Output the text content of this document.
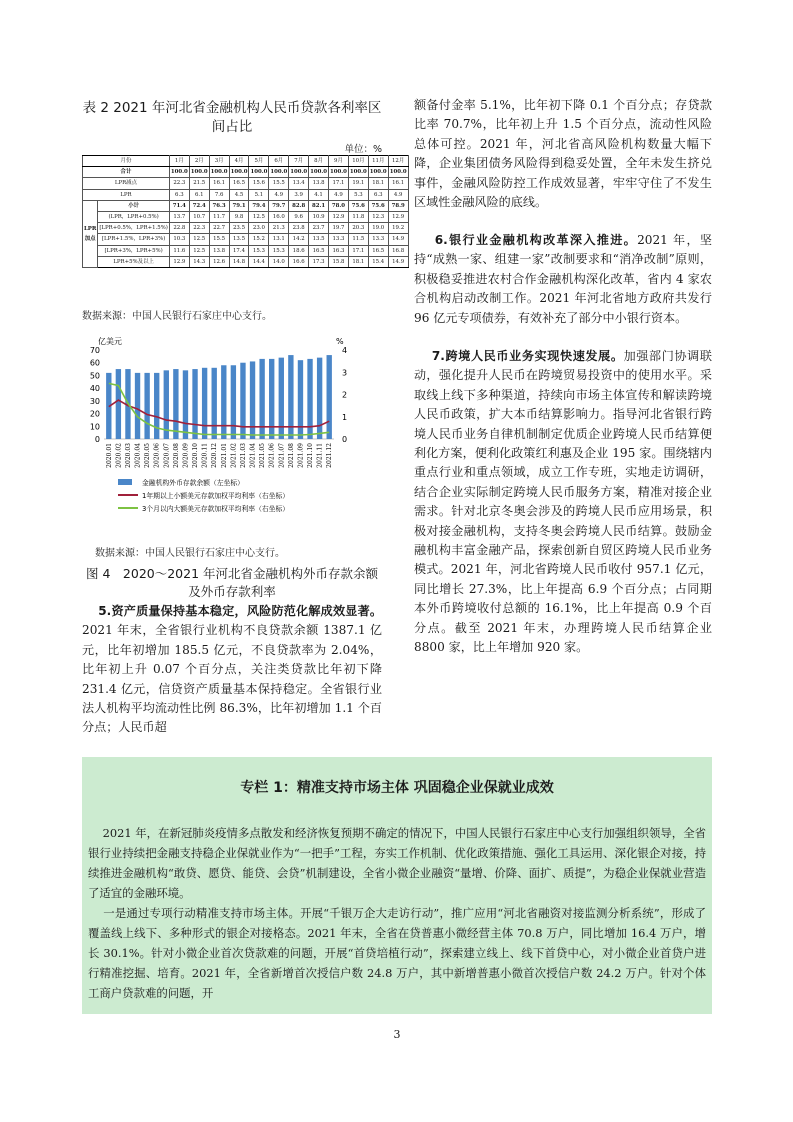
表 2 2021 年河北省金融机构人民币贷款各利率区间占比
单位：%
月份		1月	2月	3月	4月	5月	6月	7月	8月	9月	10月	11月	12月
合计		100.0	100.0	100.0	100.0	100.0	100.0	100.0	100.0	100.0	100.0	100.0	100.0
LPR减点		22.3	21.5	16.1	16.5	15.6	15.5	13.4	13.8	17.1	19.1	18.1	16.1
LPR		6.3	6.1	7.6	4.5	5.1	4.9	3.9	4.1	4.9	5.3	6.3	4.9
LPR加点	小计	71.4	72.4	76.3	79.1	79.4	79.7	82.8	82.1	78.0	75.6	75.6	78.9
	(LPR，LPR+0.5%)	13.7	10.7	11.7	9.8	12.5	16.0	9.6	10.9	12.9	11.8	12.3	12.9
	[LPR+0.5%，LPR+1.5%)	22.8	22.3	22.7	23.5	23.0	21.3	23.8	23.7	19.7	20.3	19.0	19.2
	[LPR+1.5%，LPR+3%)	10.3	12.5	15.5	13.5	15.2	13.1	14.2	13.5	13.3	11.5	13.3	14.9
	[LPR+3%，LPR+5%)	11.6	12.5	13.8	17.4	15.3	15.3	18.6	16.5	16.3	17.1	16.5	16.8
	LPR+5%及以上	12.9	14.3	12.6	14.8	14.4	14.0	16.6	17.3	15.8	18.1	15.4	14.9
数据来源：中国人民银行石家庄中心支行。
亿美元	%
0
10
20
30
40
50
60
70
0
1
2
3
4
2020.01 2020.02 2020.03 2020.04 2020.05 2020.06 2020.07 2020.08 2020.09 2020.10 2020.11 2020.12 2021.01 2021.02 2021.03 2021.04 2021.05 2021.06 2021.07 2021.08 2021.09 2021.10 2021.11 2021.12
金融机构外币存款余额（左坐标）
1年期以上小额美元存款加权平均利率（右坐标）
3个月以内大额美元存款加权平均利率（右坐标）
数据来源：中国人民银行石家庄中心支行。
图 4　2020～2021 年河北省金融机构外币存款余额及外币存款利率
5.资产质量保持基本稳定，风险防范化解成效显著。2021 年末，全省银行业机构不良贷款余额 1387.1 亿元，比年初增加 185.5 亿元，不良贷款率为 2.04%，比年初上升 0.07 个百分点，关注类贷款比年初下降 231.4 亿元，信贷资产质量基本保持稳定。全省银行业法人机构平均流动性比例 86.3%，比年初增加 1.1 个百分点；人民币超
额备付金率 5.1%，比年初下降 0.1 个百分点；存贷款比率 70.7%，比年初上升 1.5 个百分点，流动性风险总体可控。2021 年，河北省高风险机构数量大幅下降，企业集团债务风险得到稳妥处置，全年未发生挤兑事件，金融风险防控工作成效显著，牢牢守住了不发生区域性金融风险的底线。
6.银行业金融机构改革深入推进。2021 年，坚持“成熟一家、组建一家”改制要求和“消净改制”原则，积极稳妥推进农村合作金融机构深化改革，省内 4 家农合机构启动改制工作。2021 年河北省地方政府共发行 96 亿元专项债券，有效补充了部分中小银行资本。
7.跨境人民币业务实现快速发展。加强部门协调联动，强化提升人民币在跨境贸易投资中的使用水平。采取线上线下多种渠道，持续向市场主体宣传和解读跨境人民币政策，扩大本币结算影响力。指导河北省银行跨境人民币业务自律机制制定优质企业跨境人民币结算便利化方案，便利化政策红利惠及企业 195 家。围绕辖内重点行业和重点领域，成立工作专班，实地走访调研，结合企业实际制定跨境人民币服务方案，精准对接企业需求。针对北京冬奥会涉及的跨境人民币应用场景，积极对接金融机构，支持冬奥会跨境人民币结算。鼓励金融机构丰富金融产品，探索创新自贸区跨境人民币业务模式。2021 年，河北省跨境人民币收付 957.1 亿元，同比增长 27.3%，比上年提高 6.9 个百分点；占同期本外币跨境收付总额的 16.1%，比上年提高 0.9 个百分点。截至 2021 年末，办理跨境人民币结算企业 8800 家，比上年增加 920 家。
专栏 1：精准支持市场主体 巩固稳企业保就业成效
2021 年，在新冠肺炎疫情多点散发和经济恢复预期不确定的情况下，中国人民银行石家庄中心支行加强组织领导，全省银行业持续把金融支持稳企业保就业作为“一把手”工程，夯实工作机制、优化政策措施、强化工具运用、深化银企对接，持续推进金融机构“敢贷、愿贷、能贷、会贷”机制建设，全省小微企业融资“量增、价降、面扩、质提”，为稳企业保就业营造了适宜的金融环境。
一是通过专项行动精准支持市场主体。开展“千银万企大走访行动”，推广应用“河北省融资对接监测分析系统”，形成了覆盖线上线下、多种形式的银企对接格态。2021 年末，全省在贷普惠小微经营主体 70.8 万户，同比增加 16.4 万户，增长 30.1%。针对小微企业首次贷款难的问题，开展“首贷培植行动”，探索建立线上、线下首贷中心，对小微企业首贷户进行精准挖掘、培育。2021 年，全省新增首次授信户数 24.8 万户，其中新增普惠小微首次授信户数 24.2 万户。针对个体工商户贷款难的问题，开
3
